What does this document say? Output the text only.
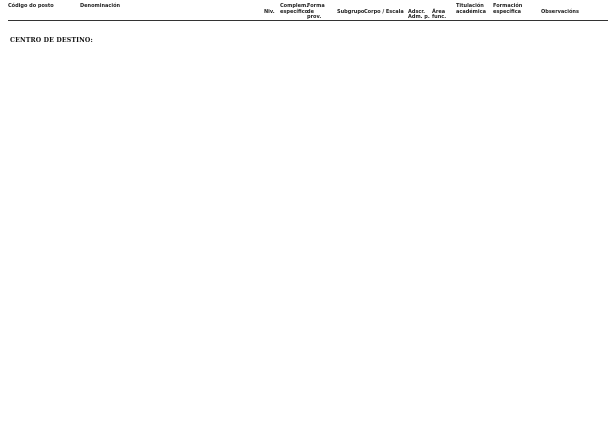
Código do posto	Denominación
Niv.
Complem.
específico
Forma
de
prov.
Subgrupo Corpo / Escala Adscr.
Adm. p.
Área
func.
Titulación
académica
Formación
específica	Observacións
CENTRO DE DESTINO:
